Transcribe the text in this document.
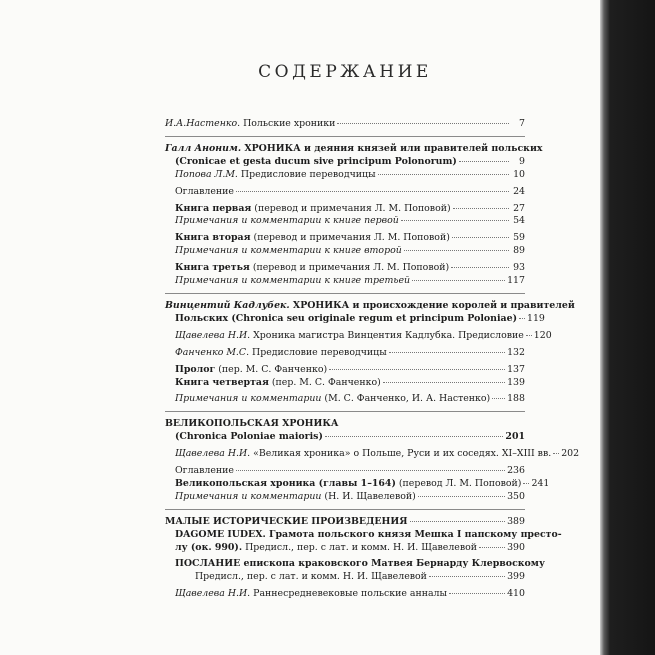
СОДЕРЖАНИЕ
И.А.Настенко. Польские хроники	7
Галл Аноним. ХРОНИКА и деяния князей или правителей польских
(Cronicae et gesta ducum sive principum Polonorum)	9
Попова Л.М. Предисловие переводчицы	10
Оглавление	24
Книга первая (перевод и примечания Л. М. Поповой)	27
Примечания и комментарии к книге первой	54
Книга вторая (перевод и примечания Л. М. Поповой)	59
Примечания и комментарии к книге второй	89
Книга третья (перевод и примечания Л. М. Поповой)	93
Примечания и комментарии к книге третьей	117
Винцентий Кадлубек. ХРОНИКА и происхождение королей и правителей
Польских (Chronica seu originale regum et principum Poloniae) 119
Щавелева Н.И. Хроника магистра Винцентия Кадлубка. Предисловие 120
Фанченко М.С. Предисловие переводчицы	132
Пролог (пер. М. С. Фанченко)	137
Книга четвертая (пер. М. С. Фанченко)	139
Примечания и комментарии (М. С. Фанченко, И. А. Настенко) 188
ВЕЛИКОПОЛЬСКАЯ ХРОНИКА
(Chronica Poloniae maioris)	201
Щавелева Н.И. «Великая хроника» о Польше, Руси и их соседях. XI–XIII вв. 202
Оглавление	236
Великопольская хроника (главы 1–164) (перевод Л. М. Поповой) 241
Примечания и комментарии (Н. И. Щавелевой)	350
МАЛЫЕ ИСТОРИЧЕСКИЕ ПРОИЗВЕДЕНИЯ	389
DAGOME IUDEX. Грамота польского князя Мешка I папскому престо-
лу (ок. 990). Предисл., пер. с лат. и комм. Н. И. Щавелевой	390
ПОСЛАНИЕ епископа краковского Матвея Бернарду Клервоскому
Предисл., пер. с лат. и комм. Н. И. Щавелевой	399
Щавелева Н.И. Раннесредневековые польские анналы	410
